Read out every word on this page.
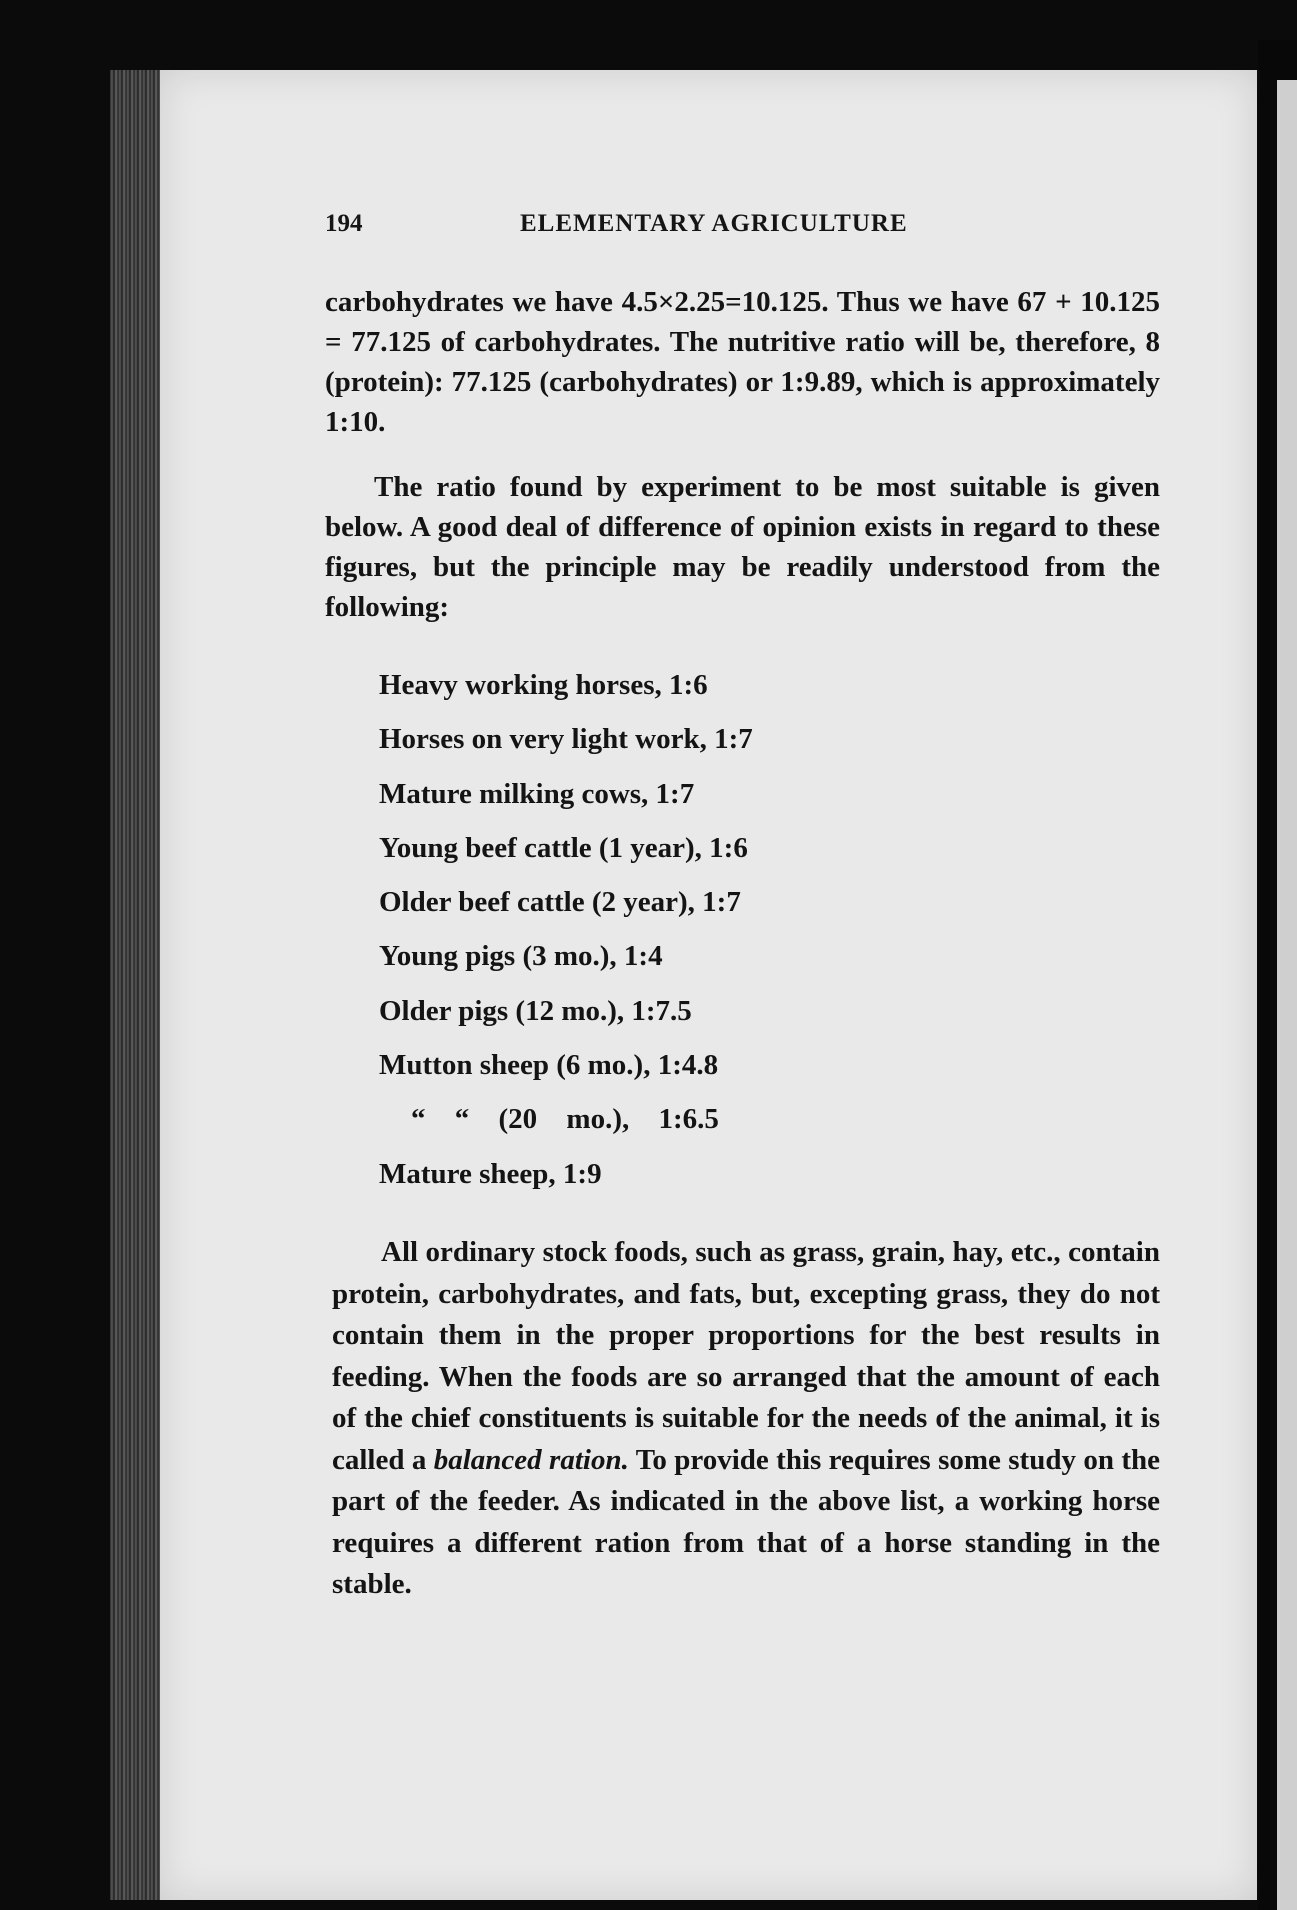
194	ELEMENTARY AGRICULTURE

carbohydrates we have 4.5×2.25=10.125. Thus we have 67 + 10.125 = 77.125 of carbohydrates. The nutritive ratio will be, therefore, 8 (protein): 77.125 (carbohydrates) or 1:9.89, which is approximately 1:10.

The ratio found by experiment to be most suitable is given below. A good deal of difference of opinion exists in regard to these figures, but the principle may be readily understood from the following:

Heavy working horses, 1:6
Horses on very light work, 1:7
Mature milking cows, 1:7
Young beef cattle (1 year), 1:6
Older beef cattle (2 year), 1:7
Young pigs (3 mo.), 1:4
Older pigs (12 mo.), 1:7.5
Mutton sheep (6 mo.), 1:4.8
“ “ (20 mo.), 1:6.5
Mature sheep, 1:9

All ordinary stock foods, such as grass, grain, hay, etc., contain protein, carbohydrates, and fats, but, excepting grass, they do not contain them in the proper proportions for the best results in feeding. When the foods are so arranged that the amount of each of the chief constituents is suitable for the needs of the animal, it is called a balanced ration. To provide this requires some study on the part of the feeder. As indicated in the above list, a working horse requires a different ration from that of a horse standing in the stable.
